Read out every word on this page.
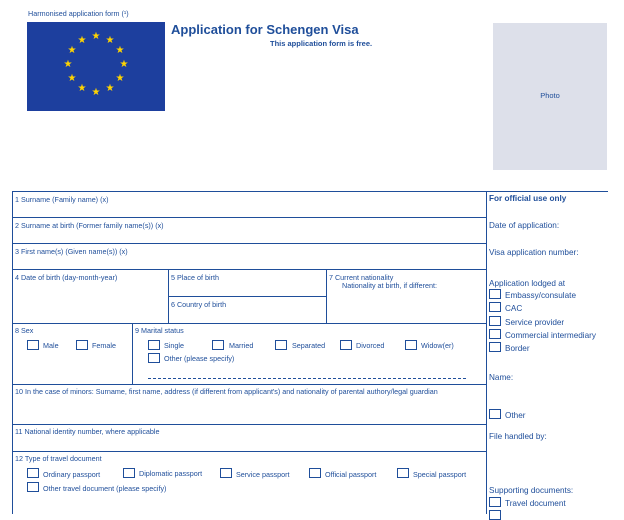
Harmonised application form (¹)
★ ★
★
★
★
★
★
★
★
★
★
★
Application for Schengen Visa
This application form is free.
Photo
1 Surname (Family name) (x)
2 Surname at birth (Former family name(s)) (x)
3 First name(s) (Given name(s)) (x)
4 Date of birth (day-month-year)	5 Place of birth
6 Country of birth
7 Current nationality
Nationality at birth, if different:
8 Sex
Male	Female
9 Marital status
Single	Married	Separated	Divorced	Widow(er)
Other (please specify)
10 In the case of minors: Surname, first name, address (if different from applicant's) and nationality of parental authory/legal guardian
11 National identity number, where applicable
12 Type of travel document
Ordinary passport	Diplomatic passport	Service passport	Official passport	Special passport
Other travel document (please specify)
For official use only
Date of application:
Visa application number:
Application lodged at
Embassy/consulate
CAC
Service provider
Commercial intermediary
Border
Name:
Other
File handled by:
Supporting documents:
Travel document
